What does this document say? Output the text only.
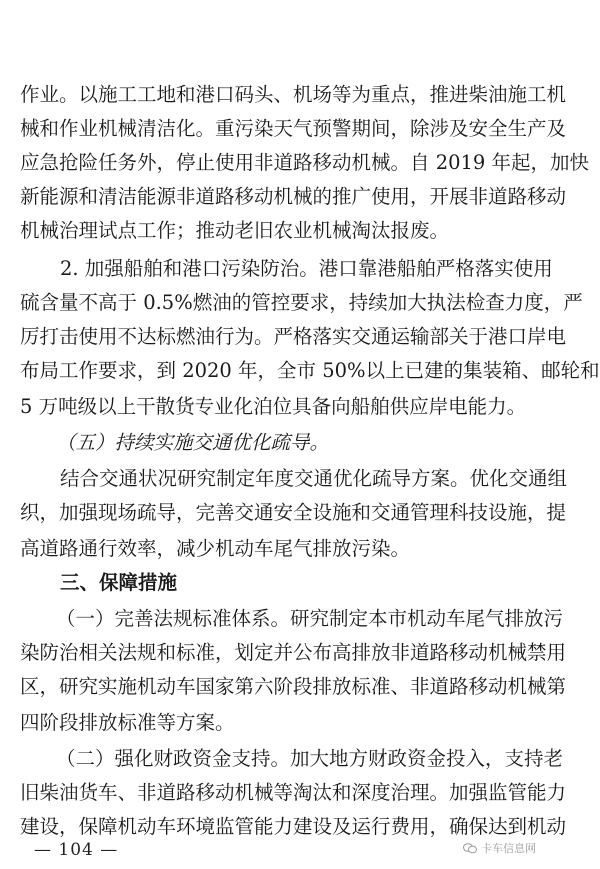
作业。以施工工地和港口码头、机场等为重点，推进柴油施工机
械和作业机械清洁化。重污染天气预警期间，除涉及安全生产及
应急抢险任务外，停止使用非道路移动机械。自 2019 年起，加快
新能源和清洁能源非道路移动机械的推广使用，开展非道路移动
机械治理试点工作；推动老旧农业机械淘汰报废。
2. 加强船舶和港口污染防治。港口靠港船舶严格落实使用
硫含量不高于 0.5%燃油的管控要求，持续加大执法检查力度，严
厉打击使用不达标燃油行为。严格落实交通运输部关于港口岸电
布局工作要求，到 2020 年，全市 50%以上已建的集装箱、邮轮和
5 万吨级以上干散货专业化泊位具备向船舶供应岸电能力。
（五）持续实施交通优化疏导。
结合交通状况研究制定年度交通优化疏导方案。优化交通组
织，加强现场疏导，完善交通安全设施和交通管理科技设施，提
高道路通行效率，减少机动车尾气排放污染。
三、保障措施
（一）完善法规标准体系。研究制定本市机动车尾气排放污
染防治相关法规和标准，划定并公布高排放非道路移动机械禁用
区，研究实施机动车国家第六阶段排放标准、非道路移动机械第
四阶段排放标准等方案。
（二）强化财政资金支持。加大地方财政资金投入，支持老
旧柴油货车、非道路移动机械等淘汰和深度治理。加强监管能力
建设，保障机动车环境监管能力建设及运行费用，确保达到机动
— 104 —	卡车信息网
